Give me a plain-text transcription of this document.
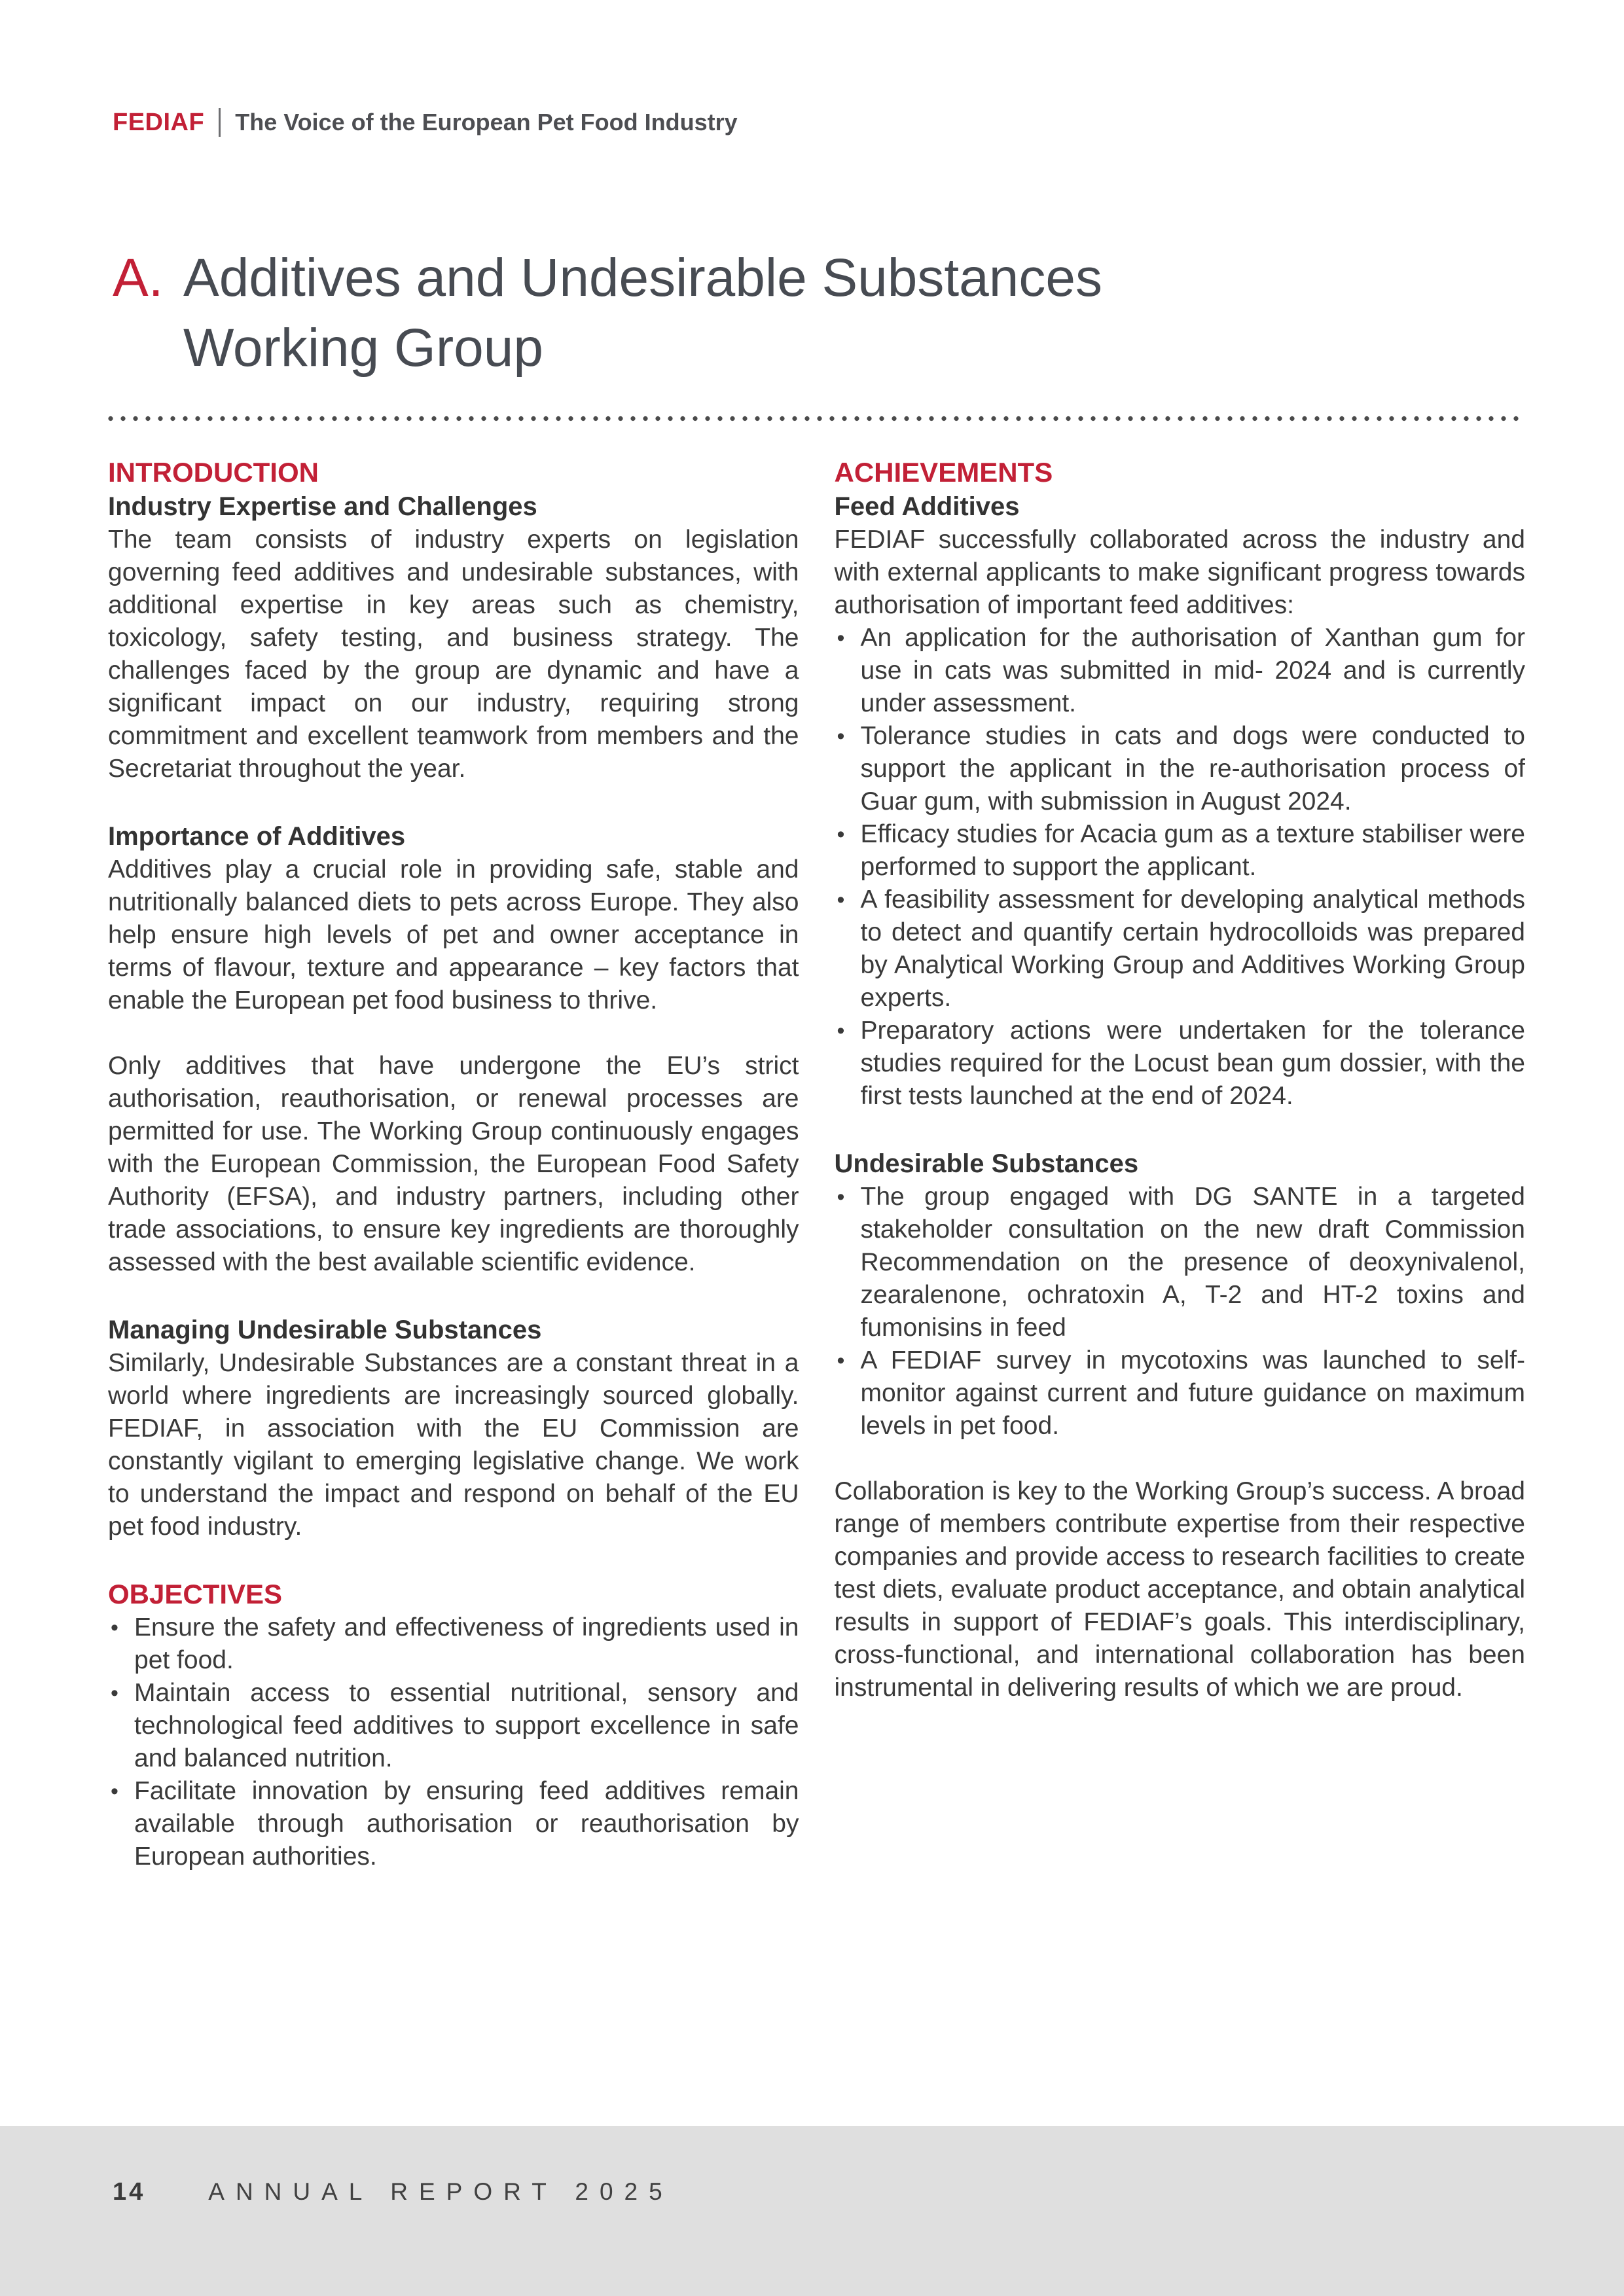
FEDIAF The Voice of the European Pet Food Industry
A. Additives and Undesirable Substances
Working Group
INTRODUCTION
Industry Expertise and Challenges

The team consists of industry experts on legislation governing feed additives and undesirable substances, with additional expertise in key areas such as chemistry, toxicology, safety testing, and business strategy. The challenges faced by the group are dynamic and have a significant impact on our industry, requiring strong commitment and excellent teamwork from members and the Secretariat throughout the year.

Importance of Additives

Additives play a crucial role in providing safe, stable and nutritionally balanced diets to pets across Europe. They also help ensure high levels of pet and owner acceptance in terms of flavour, texture and appearance – key factors that enable the European pet food business to thrive.

Only additives that have undergone the EU’s strict authorisation, reauthorisation, or renewal processes are permitted for use. The Working Group continuously engages with the European Commission, the European Food Safety Authority (EFSA), and industry partners, including other trade associations, to ensure key ingredients are thoroughly assessed with the best available scientific evidence.

Managing Undesirable Substances

Similarly, Undesirable Substances are a constant threat in a world where ingredients are increasingly sourced globally. FEDIAF, in association with the EU Commission are constantly vigilant to emerging legislative change. We work to understand the impact and respond on behalf of the EU pet food industry.

OBJECTIVES
• Ensure the safety and effectiveness of ingredients used in pet food.
• Maintain access to essential nutritional, sensory and technological feed additives to support excellence in safe and balanced nutrition.
• Facilitate innovation by ensuring feed additives remain available through authorisation or reauthorisation by European authorities.
ACHIEVEMENTS
Feed Additives

FEDIAF successfully collaborated across the industry and with external applicants to make significant progress towards authorisation of important feed additives:

• An application for the authorisation of Xanthan gum for use in cats was submitted in mid- 2024 and is currently under assessment.
• Tolerance studies in cats and dogs were conducted to support the applicant in the re-authorisation process of Guar gum, with submission in August 2024.
• Efficacy studies for Acacia gum as a texture stabiliser were performed to support the applicant.
• A feasibility assessment for developing analytical methods to detect and quantify certain hydrocolloids was prepared by Analytical Working Group and Additives Working Group experts.
• Preparatory actions were undertaken for the tolerance studies required for the Locust bean gum dossier, with the first tests launched at the end of 2024.
Undesirable Substances
• The group engaged with DG SANTE in a targeted stakeholder consultation on the new draft Commission Recommendation on the presence of deoxynivalenol, zearalenone, ochratoxin A, T-2 and HT-2 toxins and fumonisins in feed
• A FEDIAF survey in mycotoxins was launched to self-monitor against current and future guidance on maximum levels in pet food.

Collaboration is key to the Working Group’s success. A broad range of members contribute expertise from their respective companies and provide access to research facilities to create test diets, evaluate product acceptance, and obtain analytical results in support of FEDIAF’s goals. This interdisciplinary, cross-functional, and international collaboration has been instrumental in delivering results of which we are proud.

14	ANNUAL REPORT 2025
